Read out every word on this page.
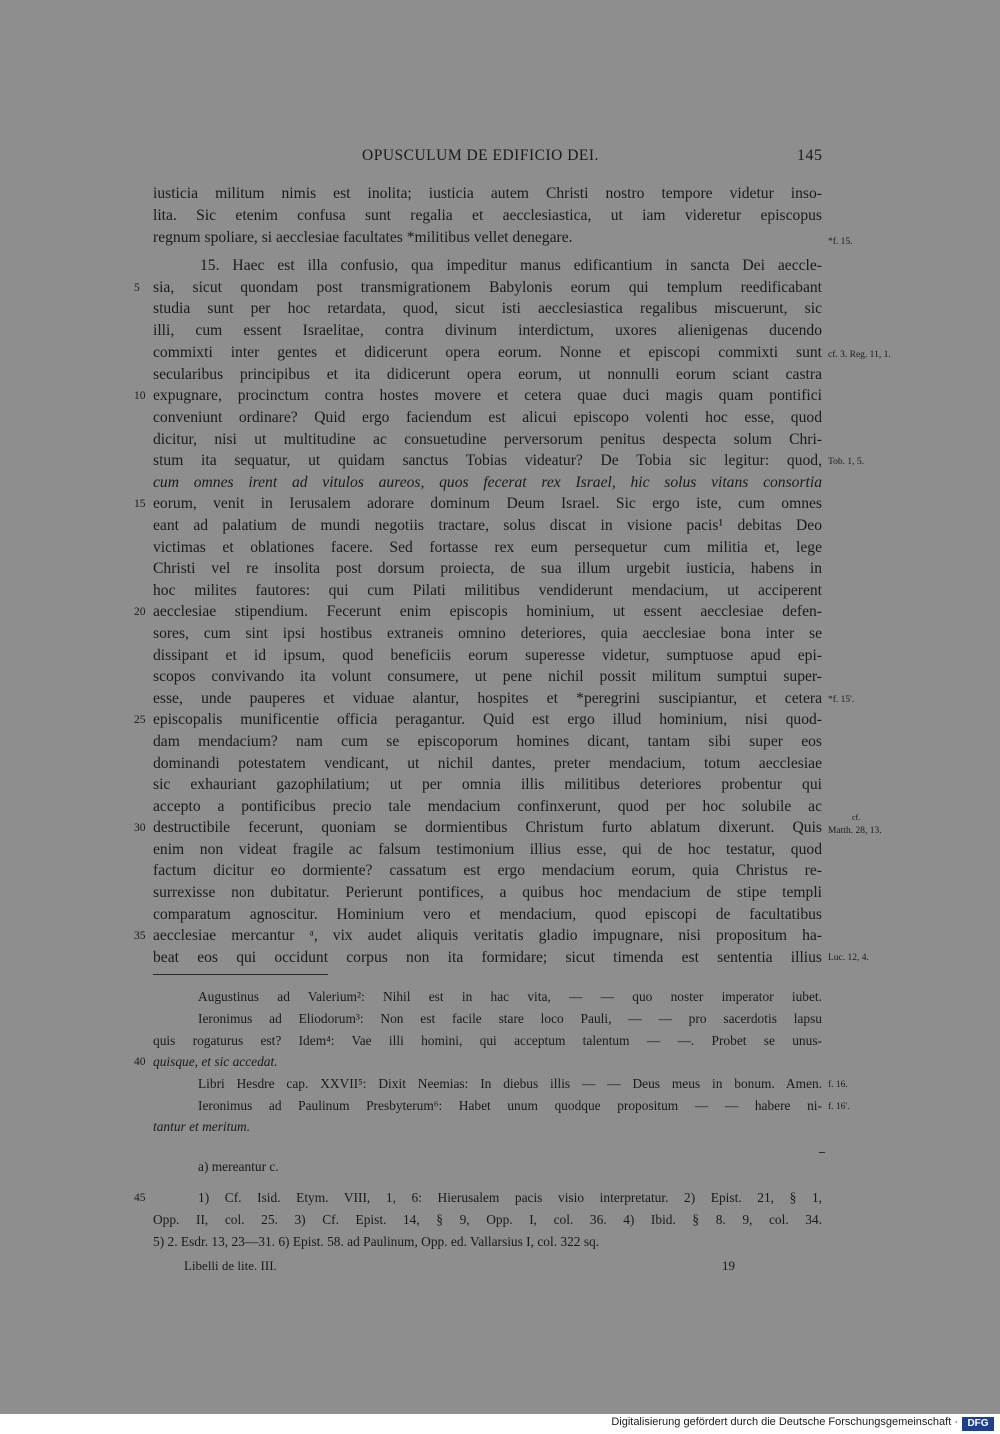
OPUSCULUM DE EDIFICIO DEI.	145

iusticia militum nimis est inolita; iusticia autem Christi nostro tempore videtur inso-

lita. Sic etenim confusa sunt regalia et aecclesiastica, ut iam videretur episcopus

regnum spoliare, si aecclesiae facultates *militibus vellet denegare.

15. Haec est illa confusio, qua impeditur manus edificantium in sancta Dei aeccle-

sia, sicut quondam post transmigrationem Babylonis eorum qui templum reedificabant

studia sunt per hoc retardata, quod, sicut isti aecclesiastica regalibus miscuerunt, sic

illi, cum essent Israelitae, contra divinum interdictum, uxores alienigenas ducendo

commixti inter gentes et didicerunt opera eorum. Nonne et episcopi commixti sunt

secularibus principibus et ita didicerunt opera eorum, ut nonnulli eorum sciant castra

expugnare, procinctum contra hostes movere et cetera quae duci magis quam pontifici

conveniunt ordinare? Quid ergo faciendum est alicui episcopo volenti hoc esse, quod

dicitur, nisi ut multitudine ac consuetudine perversorum penitus despecta solum Chri-

stum ita sequatur, ut quidam sanctus Tobias videatur? De Tobia sic legitur: quod,

cum omnes irent ad vitulos aureos, quos fecerat rex Israel, hic solus vitans consortia

eorum, venit in Ierusalem adorare dominum Deum Israel. Sic ergo iste, cum omnes

eant ad palatium de mundi negotiis tractare, solus discat in visione pacis¹ debitas Deo

victimas et oblationes facere. Sed fortasse rex eum persequetur cum militia et, lege

Christi vel re insolita post dorsum proiecta, de sua illum urgebit iusticia, habens in

hoc milites fautores: qui cum Pilati militibus vendiderunt mendacium, ut acciperent

aecclesiae stipendium. Fecerunt enim episcopis hominium, ut essent aecclesiae defen-

sores, cum sint ipsi hostibus extraneis omnino deteriores, quia aecclesiae bona inter se

dissipant et id ipsum, quod beneficiis eorum superesse videtur, sumptuose apud epi-

scopos convivando ita volunt consumere, ut pene nichil possit militum sumptui super-

esse, unde pauperes et viduae alantur, hospites et *peregrini suscipiantur, et cetera

episcopalis munificentie officia peragantur. Quid est ergo illud hominium, nisi quod-

dam mendacium? nam cum se episcoporum homines dicant, tantam sibi super eos

dominandi potestatem vendicant, ut nichil dantes, preter mendacium, totum aecclesiae

sic exhauriant gazophilatium; ut per omnia illis militibus deteriores probentur qui

accepto a pontificibus precio tale mendacium confinxerunt, quod per hoc solubile ac

destructibile fecerunt, quoniam se dormientibus Christum furto ablatum dixerunt. Quis

enim non videat fragile ac falsum testimonium illius esse, qui de hoc testatur, quod

factum dicitur eo dormiente? cassatum est ergo mendacium eorum, quia Christus re-

surrexisse non dubitatur. Perierunt pontifices, a quibus hoc mendacium de stipe templi

comparatum agnoscitur. Hominium vero et mendacium, quod episcopi de facultatibus

aecclesiae mercantur ᵃ, vix audet aliquis veritatis gladio impugnare, nisi propositum ha-

beat eos qui occidunt corpus non ita formidare; sicut timenda est sententia illius

5
10
15
20
25
30
35
*f. 15.
cf. 3. Reg. 11, 1.
Tob. 1, 5.
*f. 15'.
cf.
Matth. 28, 13.
Luc. 12, 4.

Augustinus ad Valerium²: Nihil est in hac vita, — — quo noster imperator iubet.

Ieronimus ad Eliodorum³: Non est facile stare loco Pauli, — — pro sacerdotis lapsu

quis rogaturus est? Idem⁴: Vae illi homini, qui acceptum talentum — —. Probet se unus-

quisque, et sic accedat.

Libri Hesdre cap. XXVII⁵: Dixit Neemias: In diebus illis — — Deus meus in bonum. Amen.

Ieronimus ad Paulinum Presbyterum⁶: Habet unum quodque propositum — — habere ni-

tantur et meritum.

40
f. 16.
f. 16'.

a) mereantur c.

45	1) Cf. Isid. Etym. VIII, 1, 6: Hierusalem pacis visio interpretatur. 2) Epist. 21, § 1,

Opp. II, col. 25. 3) Cf. Epist. 14, § 9, Opp. I, col. 36. 4) Ibid. § 8. 9, col. 34.

5) 2. Esdr. 13, 23—31. 6) Epist. 58. ad Paulinum, Opp. ed. Vallarsius I, col. 322 sq.

Libelli de lite. III.	19
Digitalisierung gefördert durch die Deutsche Forschungsgemeinschaft · DFG
